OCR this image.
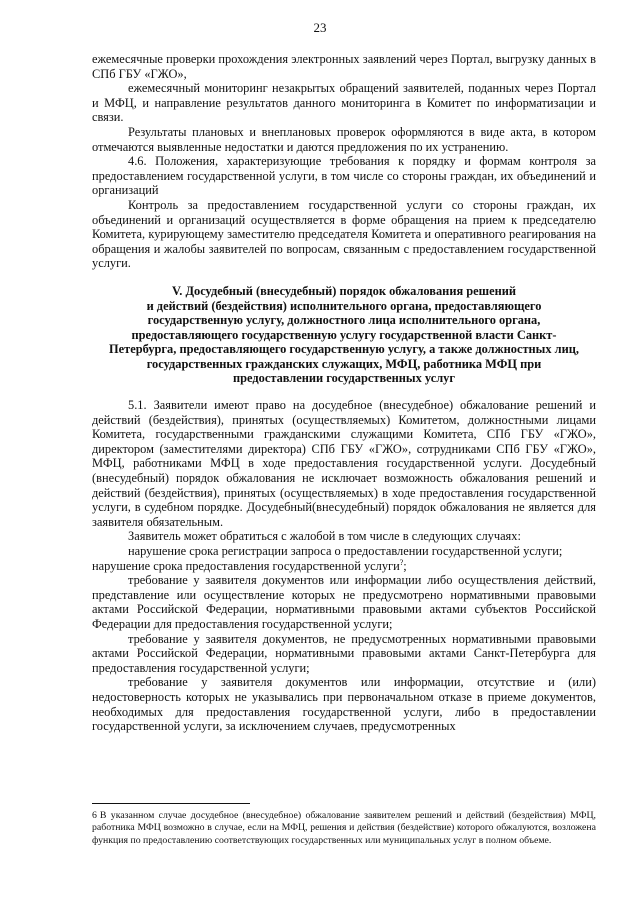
23

ежемесячные проверки прохождения электронных заявлений через Портал, выгрузку данных в СПб ГБУ «ГЖО»,

ежемесячный мониторинг незакрытых обращений заявителей, поданных через Портал и МФЦ, и направление результатов данного мониторинга в Комитет по информатизации и связи.

Результаты плановых и внеплановых проверок оформляются в виде акта, в котором отмечаются выявленные недостатки и даются предложения по их устранению.

4.6. Положения, характеризующие требования к порядку и формам контроля за предоставлением государственной услуги, в том числе со стороны граждан, их объединений и организаций

Контроль за предоставлением государственной услуги со стороны граждан, их объединений и организаций осуществляется в форме обращения на прием к председателю Комитета, курирующему заместителю председателя Комитета и оперативного реагирования на обращения и жалобы заявителей по вопросам, связанным с предоставлением государственной услуги.

V. Досудебный (внесудебный) порядок обжалования решений
и действий (бездействия) исполнительного органа, предоставляющего
государственную услугу, должностного лица исполнительного органа,
предоставляющего государственную услугу государственной власти Санкт-
Петербурга, предоставляющего государственную услугу, а также должностных лиц,
государственных гражданских служащих, МФЦ, работника МФЦ при
предоставлении государственных услуг

5.1. Заявители имеют право на досудебное (внесудебное) обжалование решений и действий (бездействия), принятых (осуществляемых) Комитетом, должностными лицами Комитета, государственными гражданскими служащими Комитета, СПб ГБУ «ГЖО», директором (заместителями директора) СПб ГБУ «ГЖО», сотрудниками СПб ГБУ «ГЖО», МФЦ, работниками МФЦ в ходе предоставления государственной услуги. Досудебный (внесудебный) порядок обжалования не исключает возможность обжалования решений и действий (бездействия), принятых (осуществляемых) в ходе предоставления государственной услуги, в судебном порядке. Досудебный(внесудебный) порядок обжалования не является для заявителя обязательным.

Заявитель может обратиться с жалобой в том числе в следующих случаях:

нарушение срока регистрации запроса о предоставлении государственной услуги;

нарушение срока предоставления государственной услуги?;

требование у заявителя документов или информации либо осуществления действий, представление или осуществление которых не предусмотрено нормативными правовыми актами Российской Федерации, нормативными правовыми актами субъектов Российской Федерации для предоставления государственной услуги;

требование у заявителя документов, не предусмотренных нормативными правовыми актами Российской Федерации, нормативными правовыми актами Санкт-Петербурга для предоставления государственной услуги;

требование у заявителя документов или информации, отсутствие и (или) недостоверность которых не указывались при первоначальном отказе в приеме документов, необходимых для предоставления государственной услуги, либо в предоставлении государственной услуги, за исключением случаев, предусмотренных

6 В указанном случае досудебное (внесудебное) обжалование заявителем решений и действий (бездействия) МФЦ, работника МФЦ возможно в случае, если на МФЦ, решения и действия (бездействие) которого обжалуются, возложена функция по предоставлению соответствующих государственных или муниципальных услуг в полном объеме.
